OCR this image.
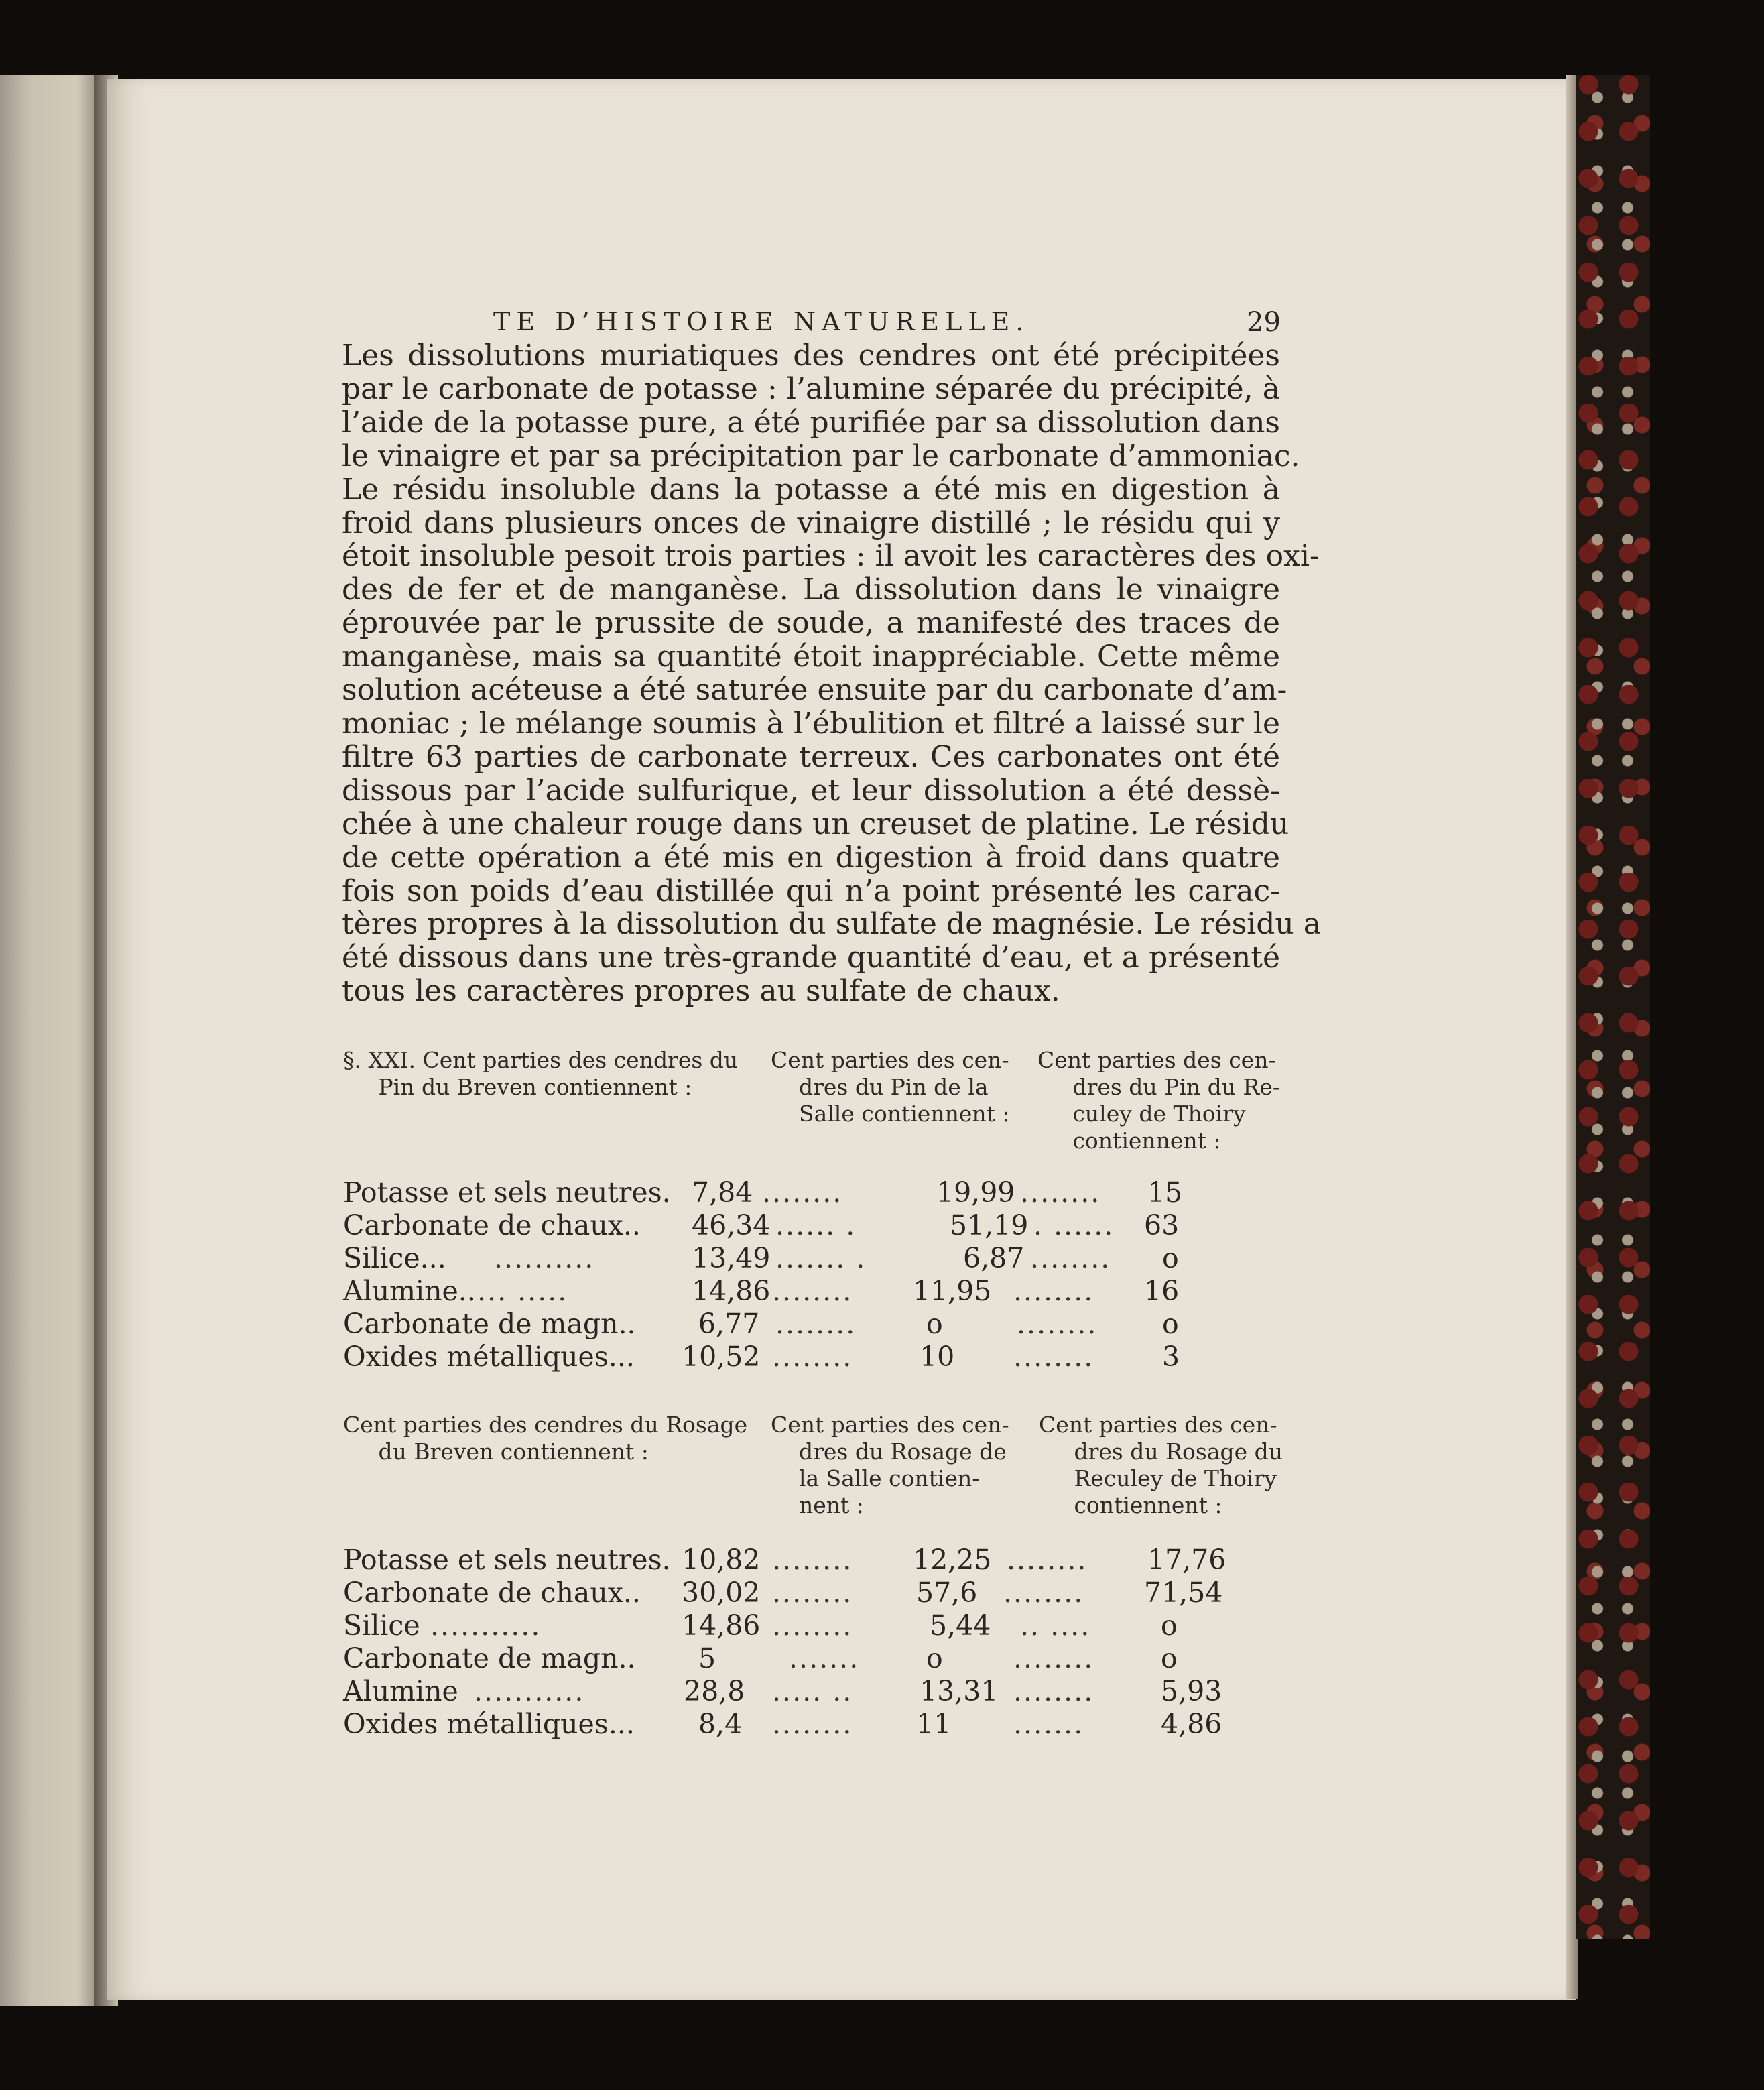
TE D’HISTOIRE NATURELLE.	29
Les dissolutions muriatiques des cendres ont été précipitées
par le carbonate de potasse : l’alumine séparée du précipité, à
l’aide de la potasse pure, a été purifiée par sa dissolution dans
le vinaigre et par sa précipitation par le carbonate d’ammoniac.
Le résidu insoluble dans la potasse a été mis en digestion à
froid dans plusieurs onces de vinaigre distillé ; le résidu qui y
étoit insoluble pesoit trois parties : il avoit les caractères des oxi-
des de fer et de manganèse. La dissolution dans le vinaigre
éprouvée par le prussite de soude, a manifesté des traces de
manganèse, mais sa quantité étoit inappréciable. Cette même
solution acéteuse a été saturée ensuite par du carbonate d’am-
moniac ; le mélange soumis à l’ébulition et filtré a laissé sur le
filtre 63 parties de carbonate terreux. Ces carbonates ont été
dissous par l’acide sulfurique, et leur dissolution a été dessè-
chée à une chaleur rouge dans un creuset de platine. Le résidu
de cette opération a été mis en digestion à froid dans quatre
fois son poids d’eau distillée qui n’a point présenté les carac-
tères propres à la dissolution du sulfate de magnésie. Le résidu a
été dissous dans une très-grande quantité d’eau, et a présenté
tous les caractères propres au sulfate de chaux.
§. XXI. Cent parties des cendres du
Pin du Breven contiennent :
Cent parties des cen-
dres du Pin de la
Salle contiennent :
Cent parties des cen-
dres du Pin du Re-
culey de Thoiry
contiennent :
Potasse et sels neutres. 7,84 ........	19,99 ........ 15
Carbonate de chaux.. 46,34 ...... .	51,19 . ...... 63
Silice... ..........	13,49 ....... .	6,87 ........ o
Alumine.. ... .....	14,86 ........ 11,95 ........ 16
Carbonate de magn.. 6,77 ........	o	........ o
Oxides métalliques... 10,52 ........ 10 ........ 3
Cent parties des cendres du Rosage
du Breven contiennent :
Cent parties des cen-
dres du Rosage de
la Salle contien-
nent :
Cent parties des cen-
dres du Rosage du
Reculey de Thoiry
contiennent :
Potasse et sels neutres. 10,82 ........ 12,25 ........ 17,76
Carbonate de chaux.. 30,02 ........ 57,6 ........ 71,54
Silice ...........	14,86 ........	5,44 .. ....	o
Carbonate de magn.. 5	....... o	........ o
Alumine ...........	28,8 ..... .. 13,31 ........ 5,93
Oxides métalliques... 8,4 ........ 11 .......	4,86
